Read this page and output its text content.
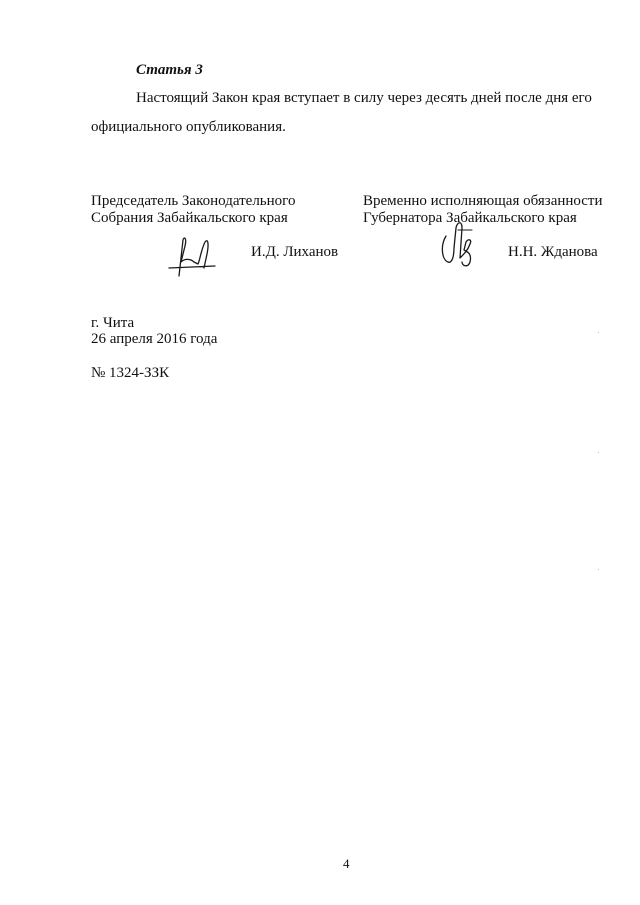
Статья 3
Настоящий Закон края вступает в силу через десять дней после дня его
официального опубликования.
Председатель Законодательного
Собрания Забайкальского края
И.Д. Лиханов
Временно исполняющая обязанности
Губернатора Забайкальского края
Н.Н. Жданова
г. Чита
26 апреля 2016 года
№ 1324-ЗЗК
4
